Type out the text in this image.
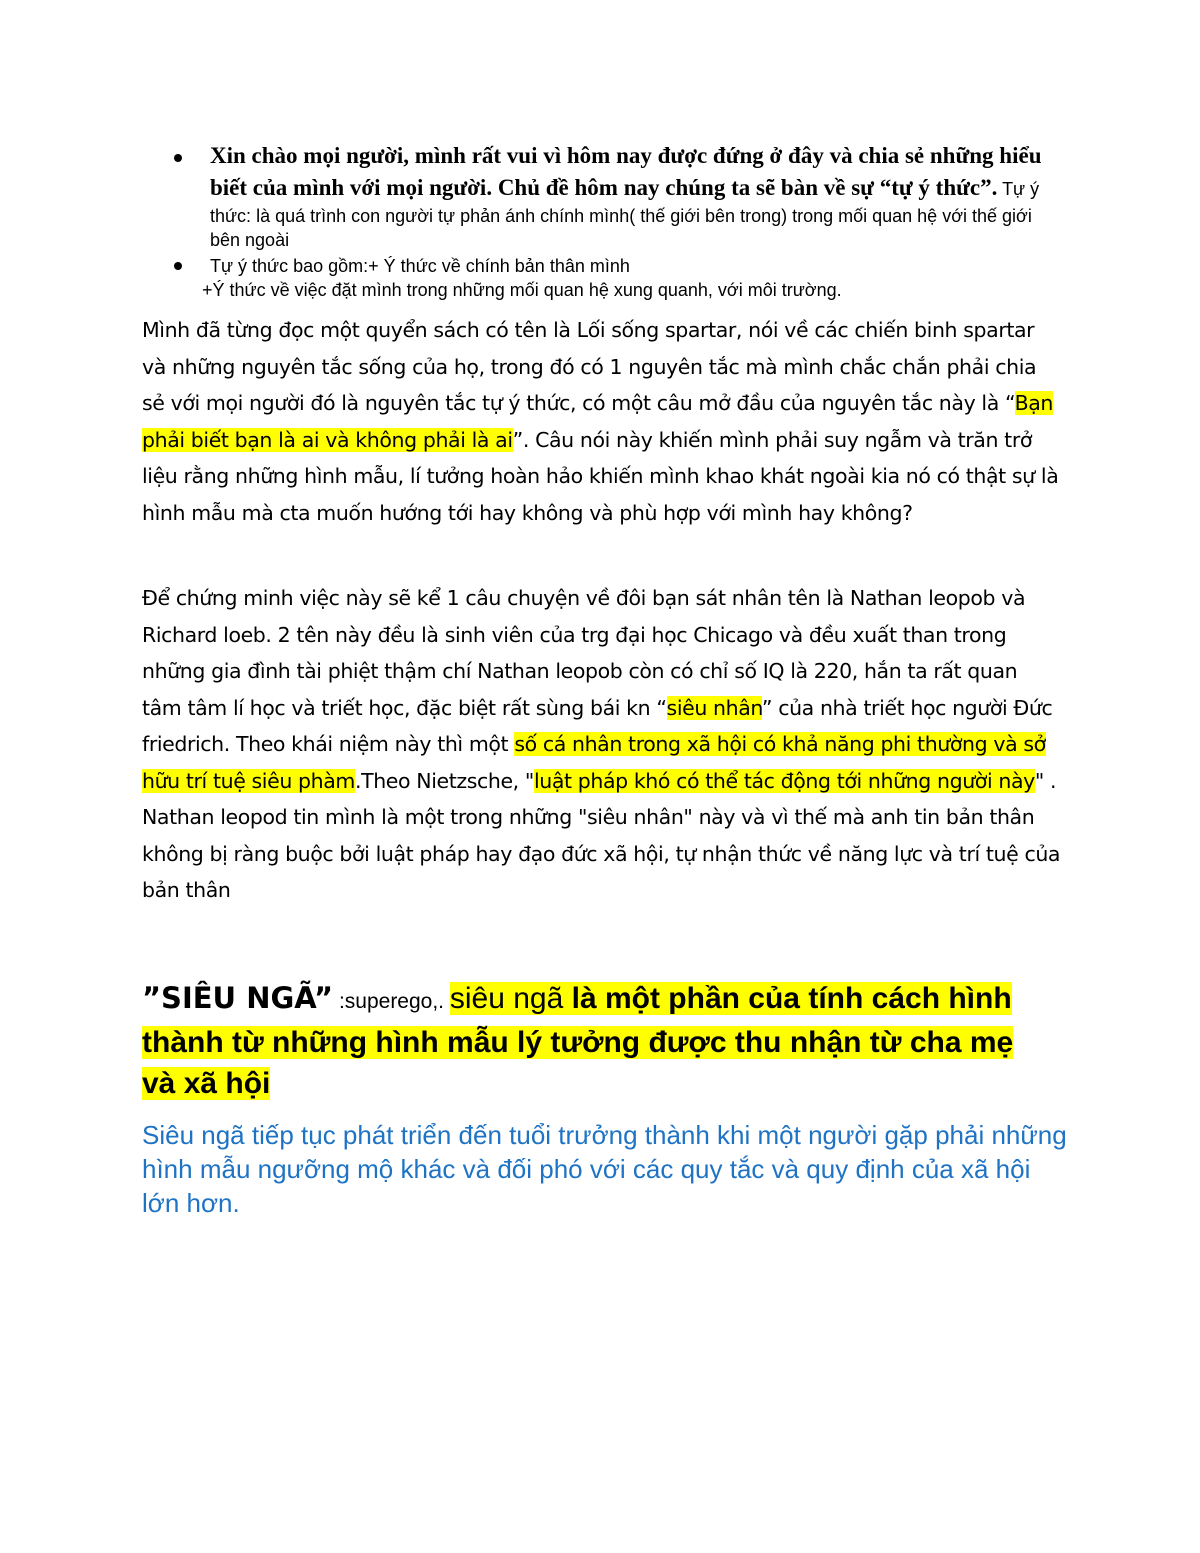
Xin chào mọi người, mình rất vui vì hôm nay được đứng ở đây và chia sẻ những hiểu biết của mình với mọi người. Chủ đề hôm nay chúng ta sẽ bàn về sự “tự ý thức”. Tự ý thức: là quá trình con người tự phản ánh chính mình( thế giới bên trong) trong mối quan hệ với thế giới bên ngoài
Tự ý thức bao gồm:+ Ý thức về chính bản thân mình
+Ý thức về việc đặt mình trong những mối quan hệ xung quanh, với môi trường.

Mình đã từng đọc một quyển sách có tên là Lối sống spartar, nói về các chiến binh spartar và những nguyên tắc sống của họ, trong đó có 1 nguyên tắc mà mình chắc chắn phải chia sẻ với mọi người đó là nguyên tắc tự ý thức, có một câu mở đầu của nguyên tắc này là “Bạn phải biết bạn là ai và không phải là ai”. Câu nói này khiến mình phải suy ngẫm và trăn trở liệu rằng những hình mẫu, lí tưởng hoàn hảo khiến mình khao khát ngoài kia nó có thật sự là hình mẫu mà cta muốn hướng tới hay không và phù hợp với mình hay không?

Để chứng minh việc này sẽ kể 1 câu chuyện về đôi bạn sát nhân tên là Nathan leopob và Richard loeb. 2 tên này đều là sinh viên của trg đại học Chicago và đều xuất than trong những gia đình tài phiệt thậm chí Nathan leopob còn có chỉ số IQ là 220, hắn ta rất quan tâm tâm lí học và triết học, đặc biệt rất sùng bái kn “siêu nhân” của nhà triết học người Đức friedrich. Theo khái niệm này thì một số cá nhân trong xã hội có khả năng phi thường và sở hữu trí tuệ siêu phàm.Theo Nietzsche, "luật pháp khó có thể tác động tới những người này" . Nathan leopod tin mình là một trong những "siêu nhân" này và vì thế mà anh tin bản thân không bị ràng buộc bởi luật pháp hay đạo đức xã hội, tự nhận thức về năng lực và trí tuệ của bản thân

”SIÊU NGÃ” :superego,. siêu ngã là một phần của tính cách hình thành từ những hình mẫu lý tưởng được thu nhận từ cha mẹ và xã hội

Siêu ngã tiếp tục phát triển đến tuổi trưởng thành khi một người gặp phải những hình mẫu ngưỡng mộ khác và đối phó với các quy tắc và quy định của xã hội lớn hơn.
